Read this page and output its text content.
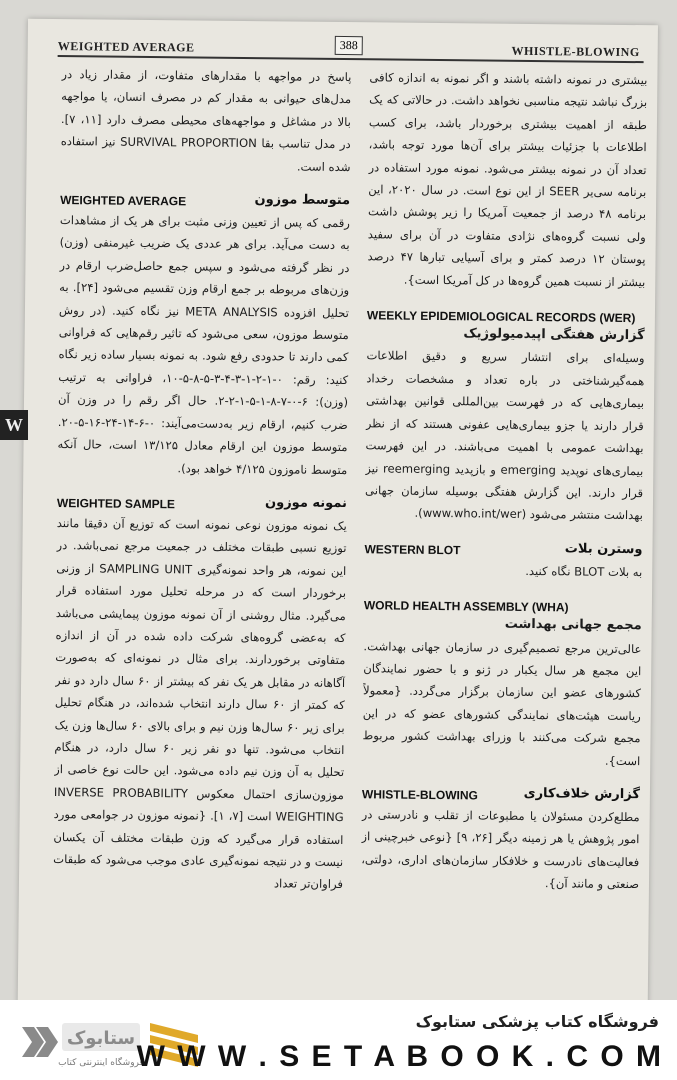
WEIGHTED AVERAGE	388	WHISTLE-BLOWING

پاسخ در مواجهه با مقدارهای متفاوت، از مقدار زیاد در مدل‌های حیوانی به مقدار کم در مصرف انسان، یا مواجهه بالا در مشاغل و مواجهه‌های محیطی مصرف دارد [۱۱، ۷]. در مدل تناسب بقا SURVIVAL PROPORTION نیز استفاده شده است.

WEIGHTED AVERAGE	متوسط موزون

رقمی که پس از تعیین وزنی مثبت برای هر یک از مشاهدات به دست می‌آید. برای هر عددی یک ضریب غیرمنفی (وزن) در نظر گرفته می‌شود و سپس جمع حاصل‌ضرب ارقام در وزن‌های مربوطه بر جمع ارقام وزن تقسیم می‌شود [۲۴]. به تحلیل افزوده META ANALYSIS نیز نگاه کنید. (در روش متوسط موزون، سعی می‌شود که تاثیر رقم‌هایی که فراوانی کمی دارند تا حدودی رفع شود. به نمونه بسیار ساده زیر نگاه کنید: رقم: ۰-۱-۲-۱-۳-۴-۳-۵-۸-۵-۱۰، فراوانی به ترتیب (وزن): ۶-۰-۷-۸-۱-۵-۱-۲-۲. حال اگر رقم را در وزن آن ضرب کنیم، ارقام زیر به‌دست‌می‌آیند: ۰-۶-۱۴-۲۴-۱۶-۵-۲۰. متوسط موزون این ارقام معادل ۱۳/۱۲۵ است، حال آنکه متوسط ناموزون ۴/۱۲۵ خواهد بود).

WEIGHTED SAMPLE	نمونه موزون

یک نمونه موزون نوعی نمونه است که توزیع آن دقیقا مانند توزیع نسبی طبقات مختلف در جمعیت مرجع نمی‌باشد. در این نمونه، هر واحد نمونه‌گیری SAMPLING UNIT از وزنی برخوردار است که در مرحله تحلیل مورد استفاده قرار می‌گیرد. مثال روشنی از آن نمونه موزون پیمایشی می‌باشد که به‌عضی گروه‌های شرکت داده شده در آن از اندازه متفاوتی برخوردارند. برای مثال در نمونه‌ای که به‌صورت آگاهانه در مقابل هر یک نفر که بیشتر از ۶۰ سال دارد دو نفر که کمتر از ۶۰ سال دارند انتخاب شده‌اند، در هنگام تحلیل برای زیر ۶۰ سال‌ها وزن نیم و برای بالای ۶۰ سال‌ها وزن یک انتخاب می‌شود. تنها دو نفر زیر ۶۰ سال دارد، در هنگام تحلیل به آن وزن نیم داده می‌شود. این حالت نوع خاصی از موزون‌سازی احتمال معکوس INVERSE PROBABILITY WEIGHTING است [۷، ۱]. {نمونه موزون در جوامعی مورد استفاده قرار می‌گیرد که وزن طبقات مختلف آن یکسان نیست و در نتیجه نمونه‌گیری عادی موجب می‌شود که طبقات فراوان‌تر تعداد

بیشتری در نمونه داشته باشند و اگر نمونه به اندازه کافی بزرگ نباشد نتیجه مناسبی نخواهد داشت. در حالاتی که یک طبقه از اهمیت بیشتری برخوردار باشد، برای کسب اطلاعات با جزئیات بیشتر برای آن‌ها مورد توجه باشد، تعداد آن در نمونه بیشتر می‌شود. نمونه مورد استفاده در برنامه سی‌یر SEER از این نوع است. در سال ۲۰۲۰، این برنامه ۴۸ درصد از جمعیت آمریکا را زیر پوشش داشت ولی نسبت گروه‌های نژادی متفاوت در آن برای سفید پوستان ۱۲ درصد کمتر و برای آسیایی تبارها ۴۷ درصد بیشتر از نسبت همین گروه‌ها در کل آمریکا است}.

WEEKLY EPIDEMIOLOGICAL RECORDS (WER)
گزارش هفتگی اپیدمیولوژیک

وسیله‌ای برای انتشار سریع و دقیق اطلاعات همه‌گیرشناختی در باره تعداد و مشخصات رخداد بیماری‌هایی که در فهرست بین‌المللی قوانین بهداشتی قرار دارند یا جزو بیماری‌هایی عفونی هستند که از نظر بهداشت عمومی با اهمیت می‌باشند. در این فهرست بیماری‌های نوپدید emerging و بازپدید reemerging نیز قرار دارند. این گزارش هفتگی بوسیله سازمان جهانی بهداشت منتشر می‌شود (www.who.int/wer).

WESTERN BLOT	وسترن بلات

به بلات BLOT نگاه کنید.

WORLD HEALTH ASSEMBLY (WHA)
مجمع جهانی بهداشت

عالی‌ترین مرجع تصمیم‌گیری در سازمان جهانی بهداشت. این مجمع هر سال یکبار در ژنو و با حضور نمایندگان کشورهای عضو این سازمان برگزار می‌گردد. {معمولاً ریاست هیئت‌های نمایندگی کشورهای عضو که در این مجمع شرکت می‌کنند با وزرای بهداشت کشور مربوط است}.

WHISTLE-BLOWING	گزارش خلاف‌کاری

مطلع‌کردن مسئولان یا مطبوعات از تقلب و نادرستی در امور پژوهش یا هر زمینه دیگر [۲۶، ۹] {نوعی خبرچینی از فعالیت‌های نادرست و خلافکار سازمان‌های اداری، دولتی، صنعتی و مانند آن}.

W
ستابوک
فروشگاه اینترنتی کتاب
فروشگاه کتاب پزشکی ستابوک
W W W . S E T A B O O K . C O M
